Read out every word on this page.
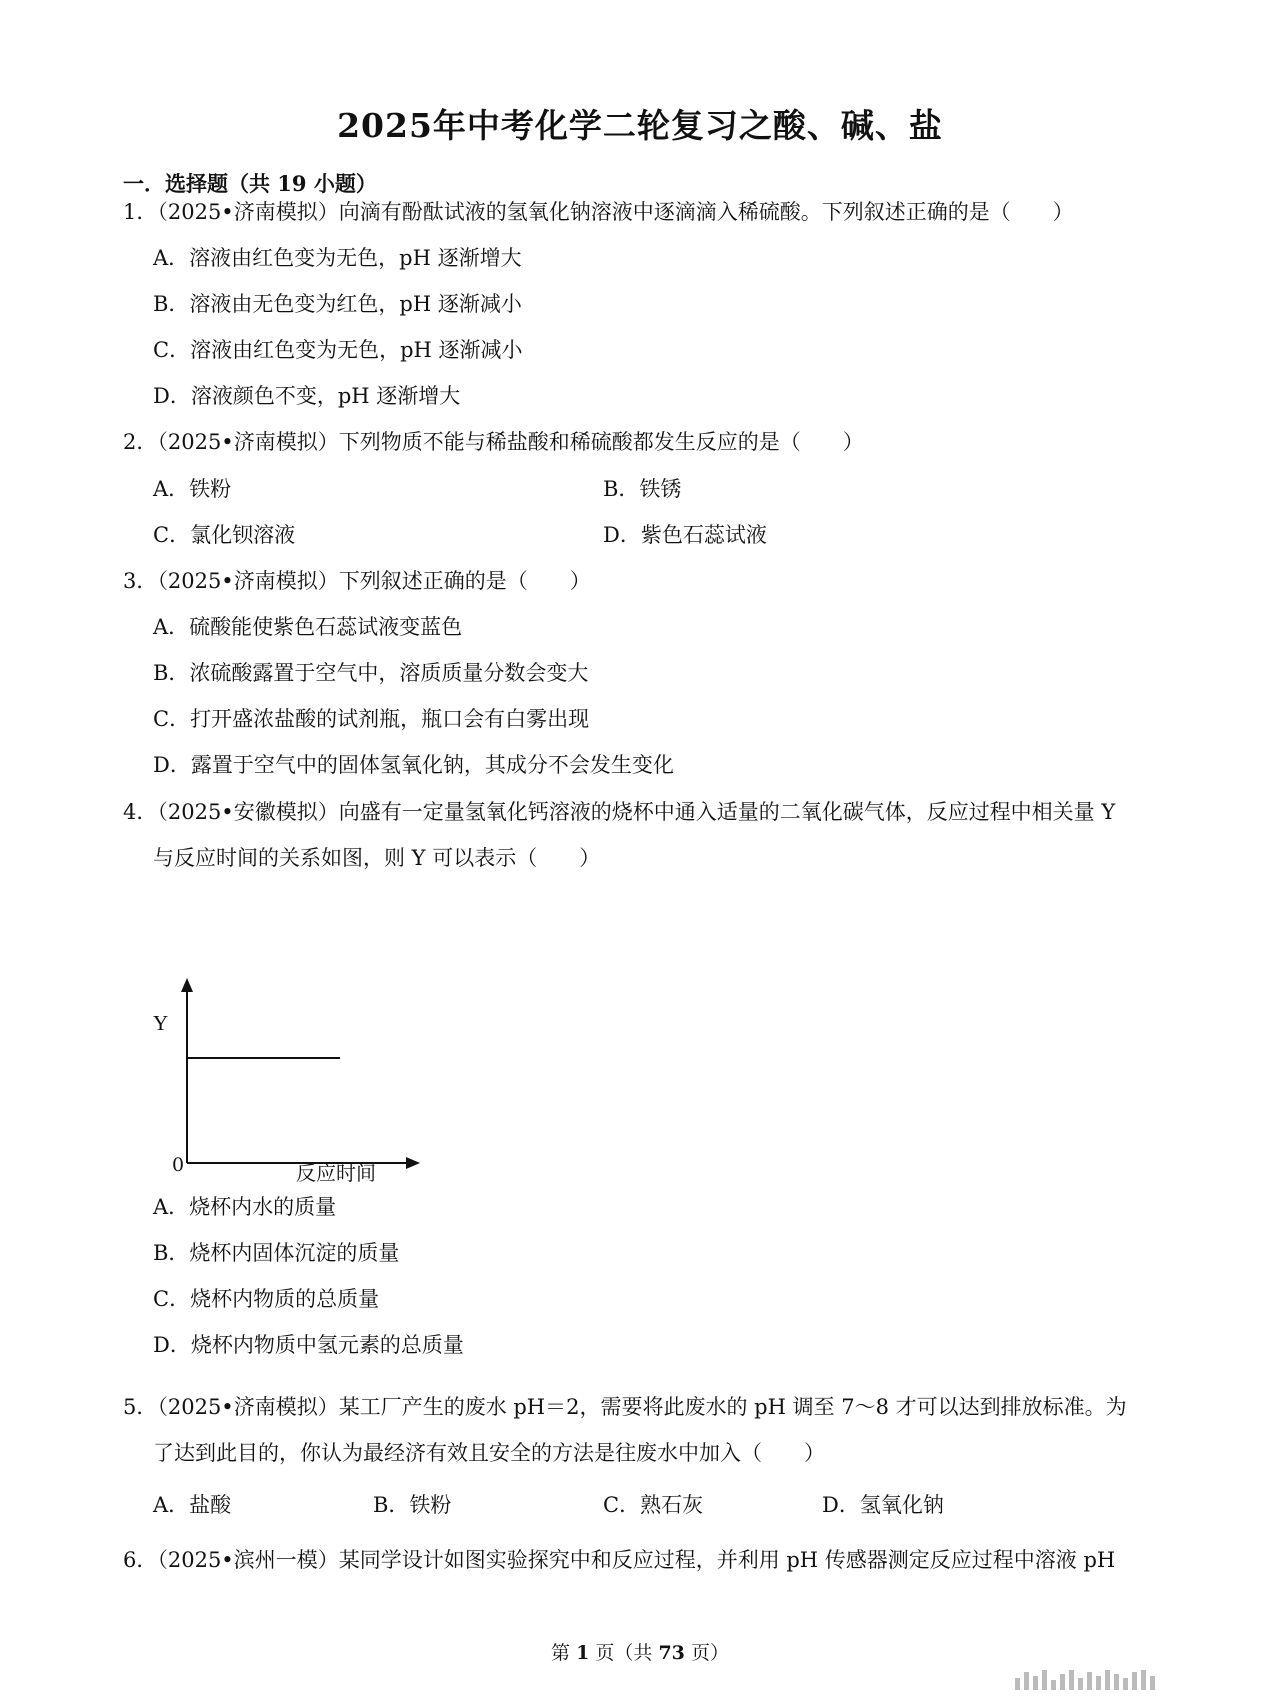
2025年中考化学二轮复习之酸、碱、盐
一．选择题（共 19 小题）
1．（2025•济南模拟）向滴有酚酞试液的氢氧化钠溶液中逐滴滴入稀硫酸。下列叙述正确的是（　　）
A．溶液由红色变为无色，pH 逐渐增大
B．溶液由无色变为红色，pH 逐渐减小
C．溶液由红色变为无色，pH 逐渐减小
D．溶液颜色不变，pH 逐渐增大
2．（2025•济南模拟）下列物质不能与稀盐酸和稀硫酸都发生反应的是（　　）
A．铁粉	B．铁锈
C．氯化钡溶液	D．紫色石蕊试液
3．（2025•济南模拟）下列叙述正确的是（　　）
A．硫酸能使紫色石蕊试液变蓝色
B．浓硫酸露置于空气中，溶质质量分数会变大
C．打开盛浓盐酸的试剂瓶，瓶口会有白雾出现
D．露置于空气中的固体氢氧化钠，其成分不会发生变化
4．（2025•安徽模拟）向盛有一定量氢氧化钙溶液的烧杯中通入适量的二氧化碳气体，反应过程中相关量 Y
与反应时间的关系如图，则 Y 可以表示（　　）
Y
0	反应时间
A．烧杯内水的质量
B．烧杯内固体沉淀的质量
C．烧杯内物质的总质量
D．烧杯内物质中氢元素的总质量
5．（2025•济南模拟）某工厂产生的废水 pH＝2，需要将此废水的 pH 调至 7～8 才可以达到排放标准。为
了达到此目的，你认为最经济有效且安全的方法是往废水中加入（　　）
A．盐酸	B．铁粉	C．熟石灰	D．氢氧化钠
6．（2025•滨州一模）某同学设计如图实验探究中和反应过程，并利用 pH 传感器测定反应过程中溶液 pH
第 1 页（共 73 页）
